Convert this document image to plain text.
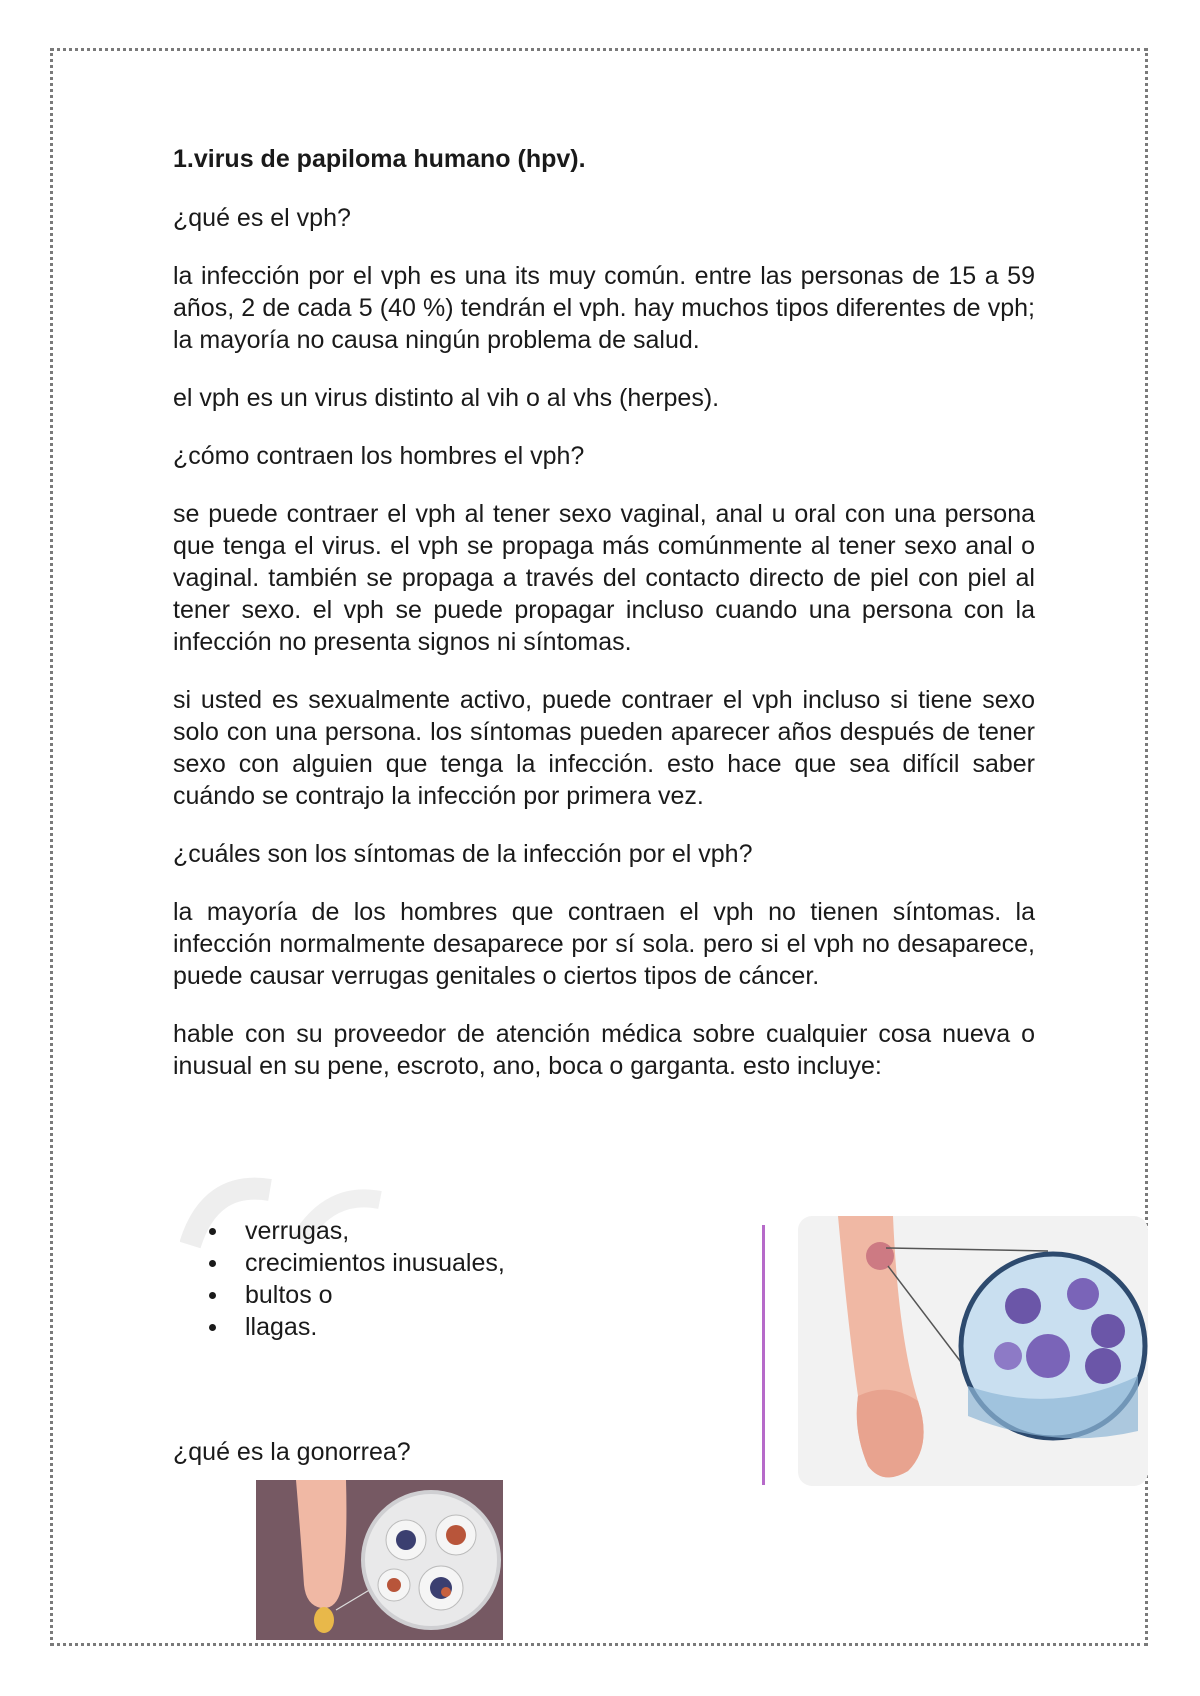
1.virus de papiloma humano (hpv).

¿qué es el vph?

la infección por el vph es una its muy común. entre las personas de 15 a 59 años, 2 de cada 5 (40 %) tendrán el vph. hay muchos tipos diferentes de vph; la mayoría no causa ningún problema de salud.

el vph es un virus distinto al vih o al vhs (herpes).

¿cómo contraen los hombres el vph?

se puede contraer el vph al tener sexo vaginal, anal u oral con una persona que tenga el virus. el vph se propaga más comúnmente al tener sexo anal o vaginal. también se propaga a través del contacto directo de piel con piel al tener sexo. el vph se puede propagar incluso cuando una persona con la infección no presenta signos ni síntomas.

si usted es sexualmente activo, puede contraer el vph incluso si tiene sexo solo con una persona. los síntomas pueden aparecer años después de tener sexo con alguien que tenga la infección. esto hace que sea difícil saber cuándo se contrajo la infección por primera vez.

¿cuáles son los síntomas de la infección por el vph?

la mayoría de los hombres que contraen el vph no tienen síntomas. la infección normalmente desaparece por sí sola. pero si el vph no desaparece, puede causar verrugas genitales o ciertos tipos de cáncer.

hable con su proveedor de atención médica sobre cualquier cosa nueva o inusual en su pene, escroto, ano, boca o garganta. esto incluye:

verrugas,
crecimientos inusuales,
bultos o
llagas.

¿qué es la gonorrea?
